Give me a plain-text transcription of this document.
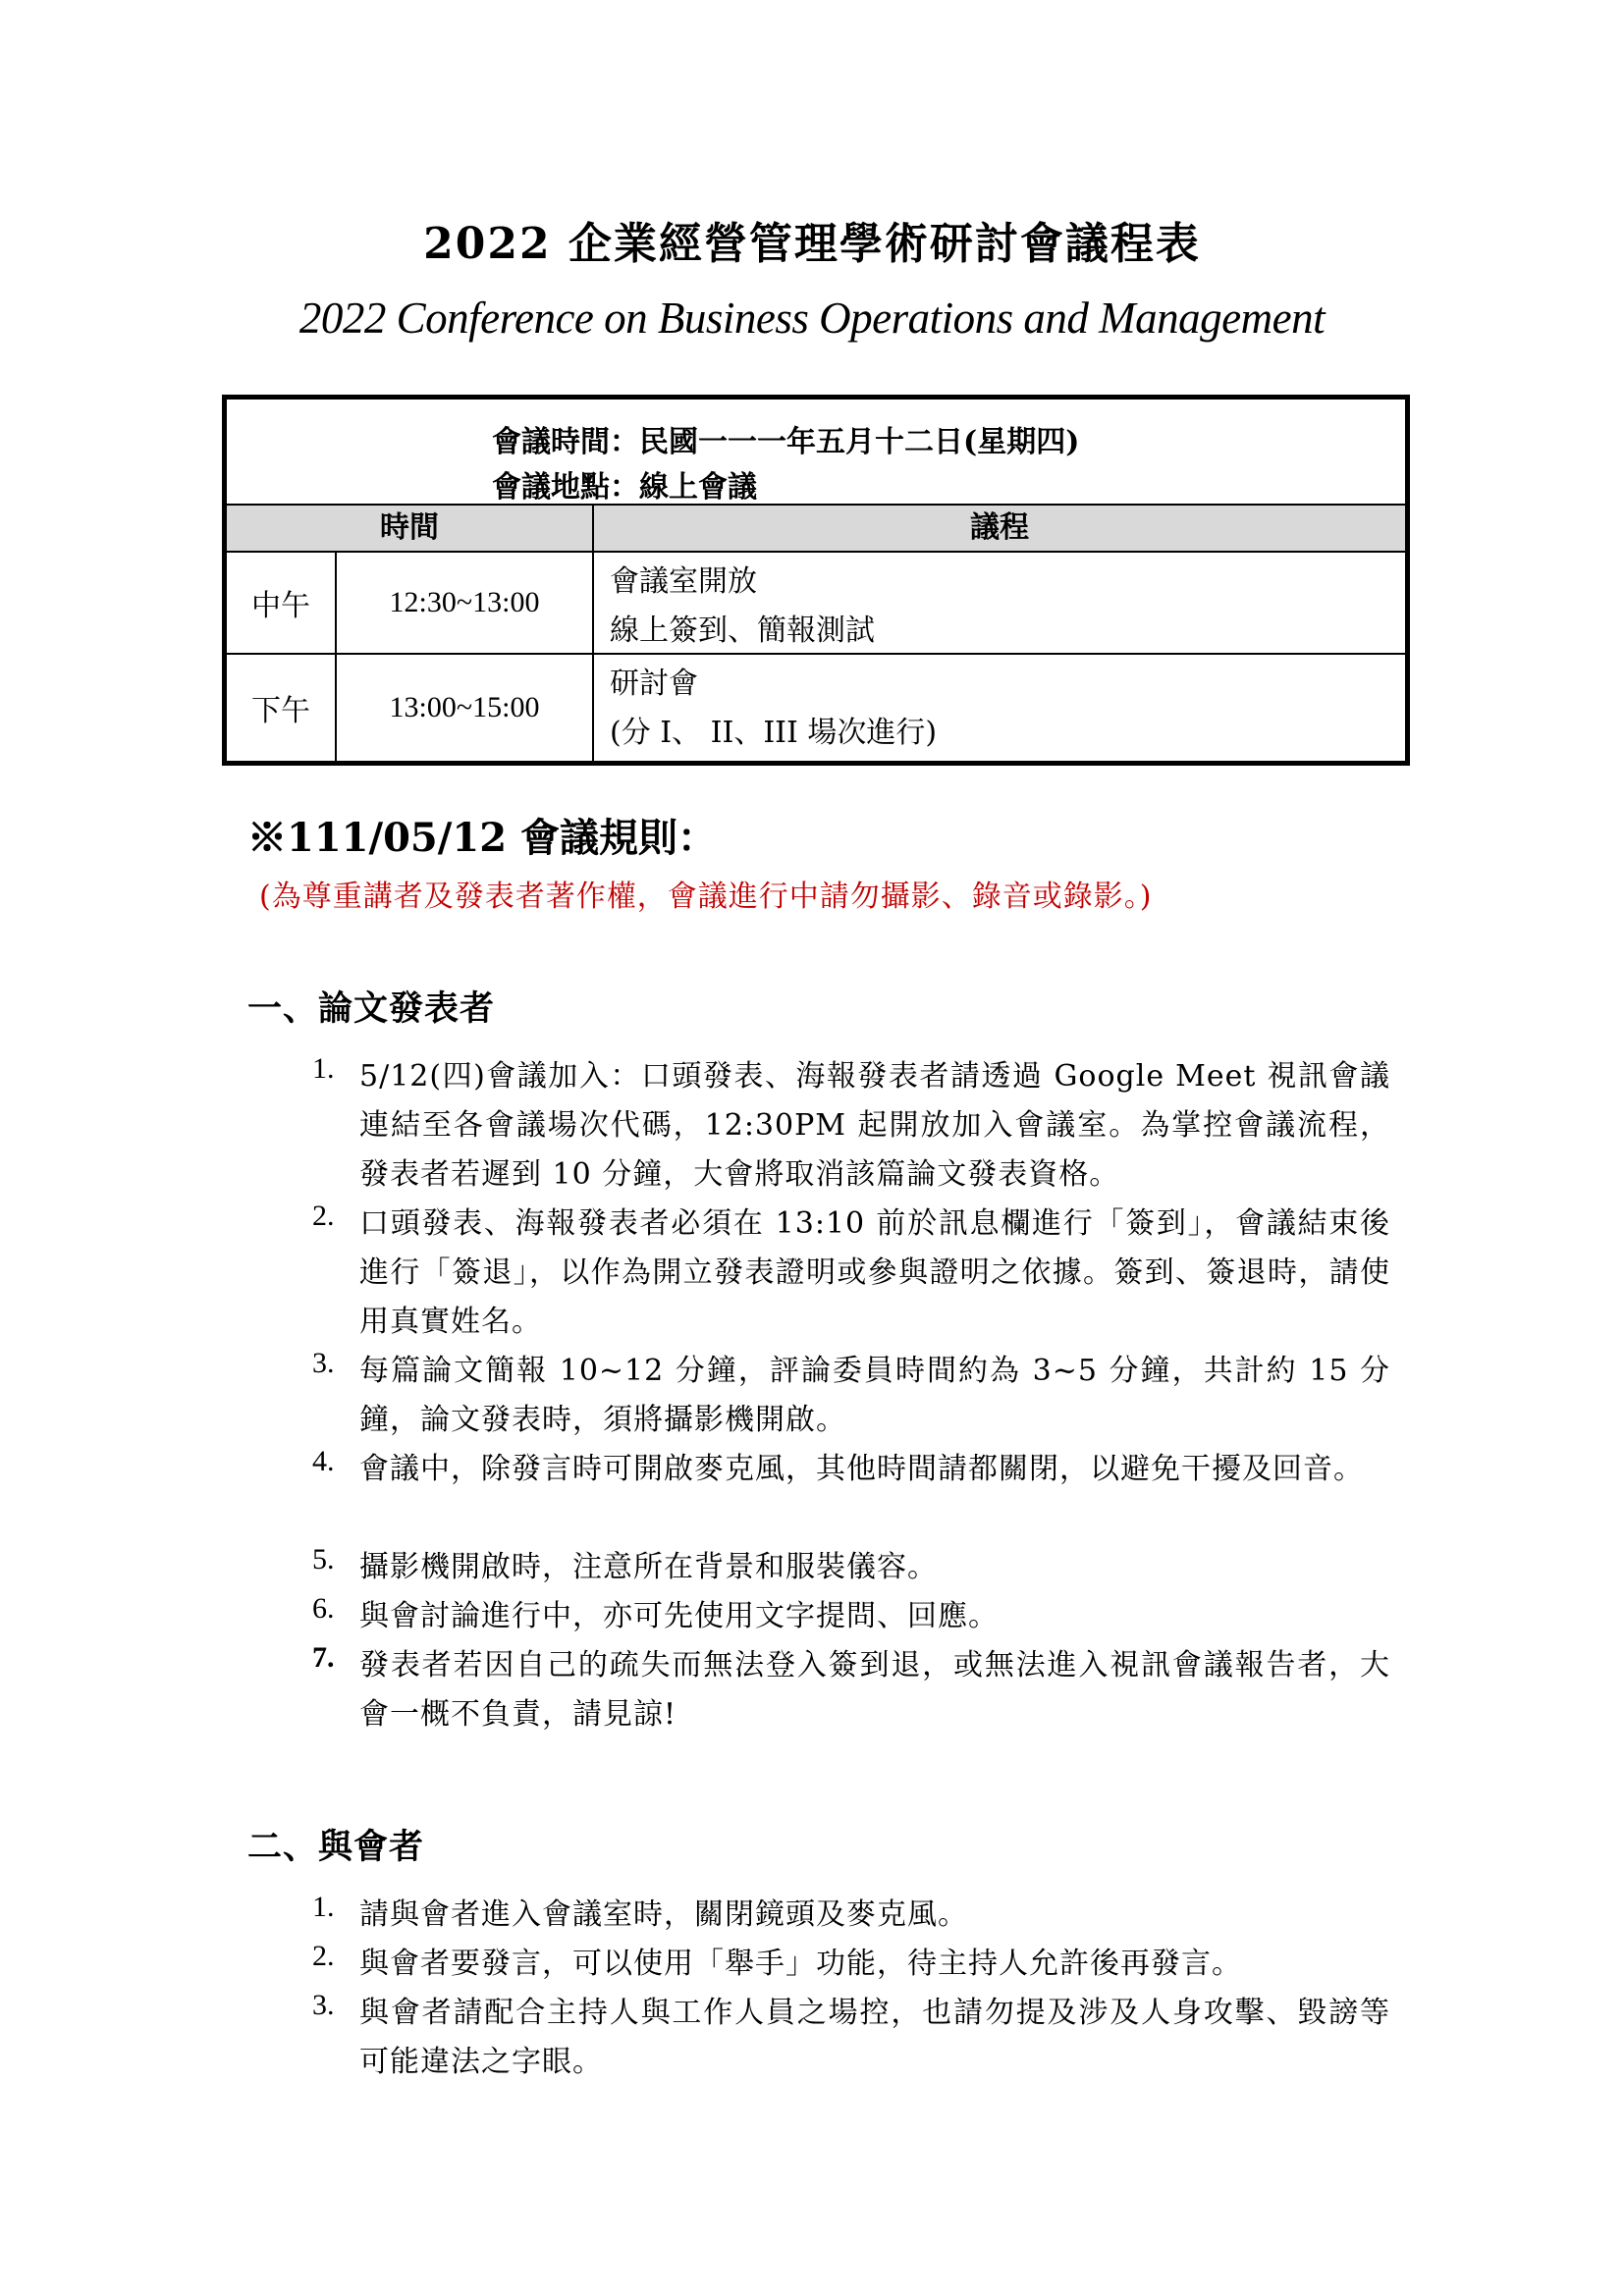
2022 企業經營管理學術研討會議程表
2022 Conference on Business Operations and Management
會議時間：民國一一一年五月十二日(星期四)
會議地點：線上會議
時間	議程
中午	12:30~13:00
會議室開放
線上簽到、簡報測試
下午	13:00~15:00
研討會
(分 I、 II、III 場次進行)
※111/05/12 會議規則：
(為尊重講者及發表者著作權，會議進行中請勿攝影、錄音或錄影。)
一、論文發表者
1. 5/12(四)會議加入：口頭發表、海報發表者請透過 Google Meet 視訊會議連結至各會議場次代碼，12:30PM 起開放加入會議室。為掌控會議流程，發表者若遲到 10 分鐘，大會將取消該篇論文發表資格。
2. 口頭發表、海報發表者必須在 13:10 前於訊息欄進行「簽到」，會議結束後進行「簽退」，以作為開立發表證明或參與證明之依據。簽到、簽退時，請使用真實姓名。
3. 每篇論文簡報 10~12 分鐘，評論委員時間約為 3~5 分鐘，共計約 15 分鐘，論文發表時，須將攝影機開啟。
4. 會議中，除發言時可開啟麥克風，其他時間請都關閉，以避免干擾及回音。
5. 攝影機開啟時，注意所在背景和服裝儀容。
6. 與會討論進行中，亦可先使用文字提問、回應。
7. 發表者若因自己的疏失而無法登入簽到退，或無法進入視訊會議報告者，大會一概不負責，請見諒!
二、與會者
1. 請與會者進入會議室時，關閉鏡頭及麥克風。
2. 與會者要發言，可以使用「舉手」功能，待主持人允許後再發言。
3. 與會者請配合主持人與工作人員之場控，也請勿提及涉及人身攻擊、毀謗等可能違法之字眼。
